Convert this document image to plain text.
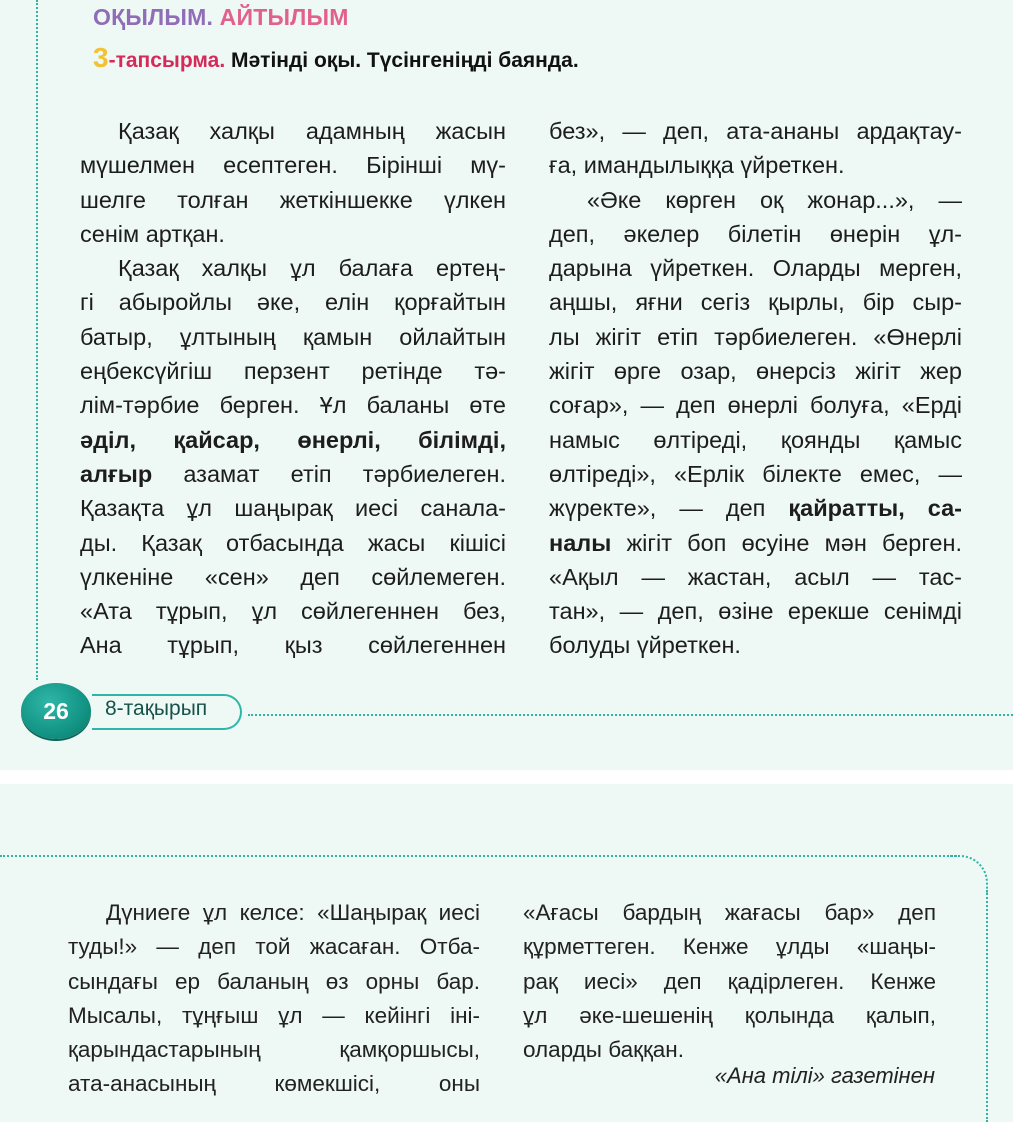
ОҚЫЛЫМ. АЙТЫЛЫМ
3-тапсырма. Мәтінді оқы. Түсінгеніңді баянда.
Қазақ халқы адамның жасын
мүшелмен есептеген. Бірінші мү-
шелге толған жеткіншекке үлкен
сенім артқан.
Қазақ халқы ұл балаға ертең-
гі абыройлы әке, елін қорғайтын
батыр, ұлтының қамын ойлайтын
еңбексүйгіш перзент ретінде тә-
лім-тәрбие берген. Ұл баланы өте
әділ, қайсар, өнерлі, білімді,
алғыр азамат етіп тәрбиелеген.
Қазақта ұл шаңырақ иесі санала-
ды. Қазақ отбасында жасы кішісі
үлкеніне «сен» деп сөйлемеген.
«Ата тұрып, ұл сөйлегеннен без,
Ана тұрып, қыз сөйлегеннен
без», — деп, ата-ананы ардақтау-
ға, имандылыққа үйреткен.
«Әке көрген оқ жонар...», —
деп, әкелер білетін өнерін ұл-
дарына үйреткен. Оларды мерген,
аңшы, яғни сегіз қырлы, бір сыр-
лы жігіт етіп тәрбиелеген. «Өнерлі
жігіт өрге озар, өнерсіз жігіт жер
соғар», — деп өнерлі болуға, «Ерді
намыс өлтіреді, қоянды қамыс
өлтіреді», «Ерлік білекте емес, —
жүректе», — деп қайратты, са-
налы жігіт боп өсуіне мән берген.
«Ақыл — жастан, асыл — тас-
тан», — деп, өзіне ерекше сенімді
болуды үйреткен.
26	8-тақырып
Дүниеге ұл келсе: «Шаңырақ иесі
туды!» — деп той жасаған. Отба-
сындағы ер баланың өз орны бар.
Мысалы, тұңғыш ұл — кейінгі іні-
қарындастарының қамқоршысы,
ата-анасының көмекшісі, оны
«Ағасы бардың жағасы бар» деп
құрметтеген. Кенже ұлды «шаңы-
рақ иесі» деп қадірлеген. Кенже
ұл әке-шешенің қолында қалып,
оларды баққан.
«Ана тілі» газетінен
